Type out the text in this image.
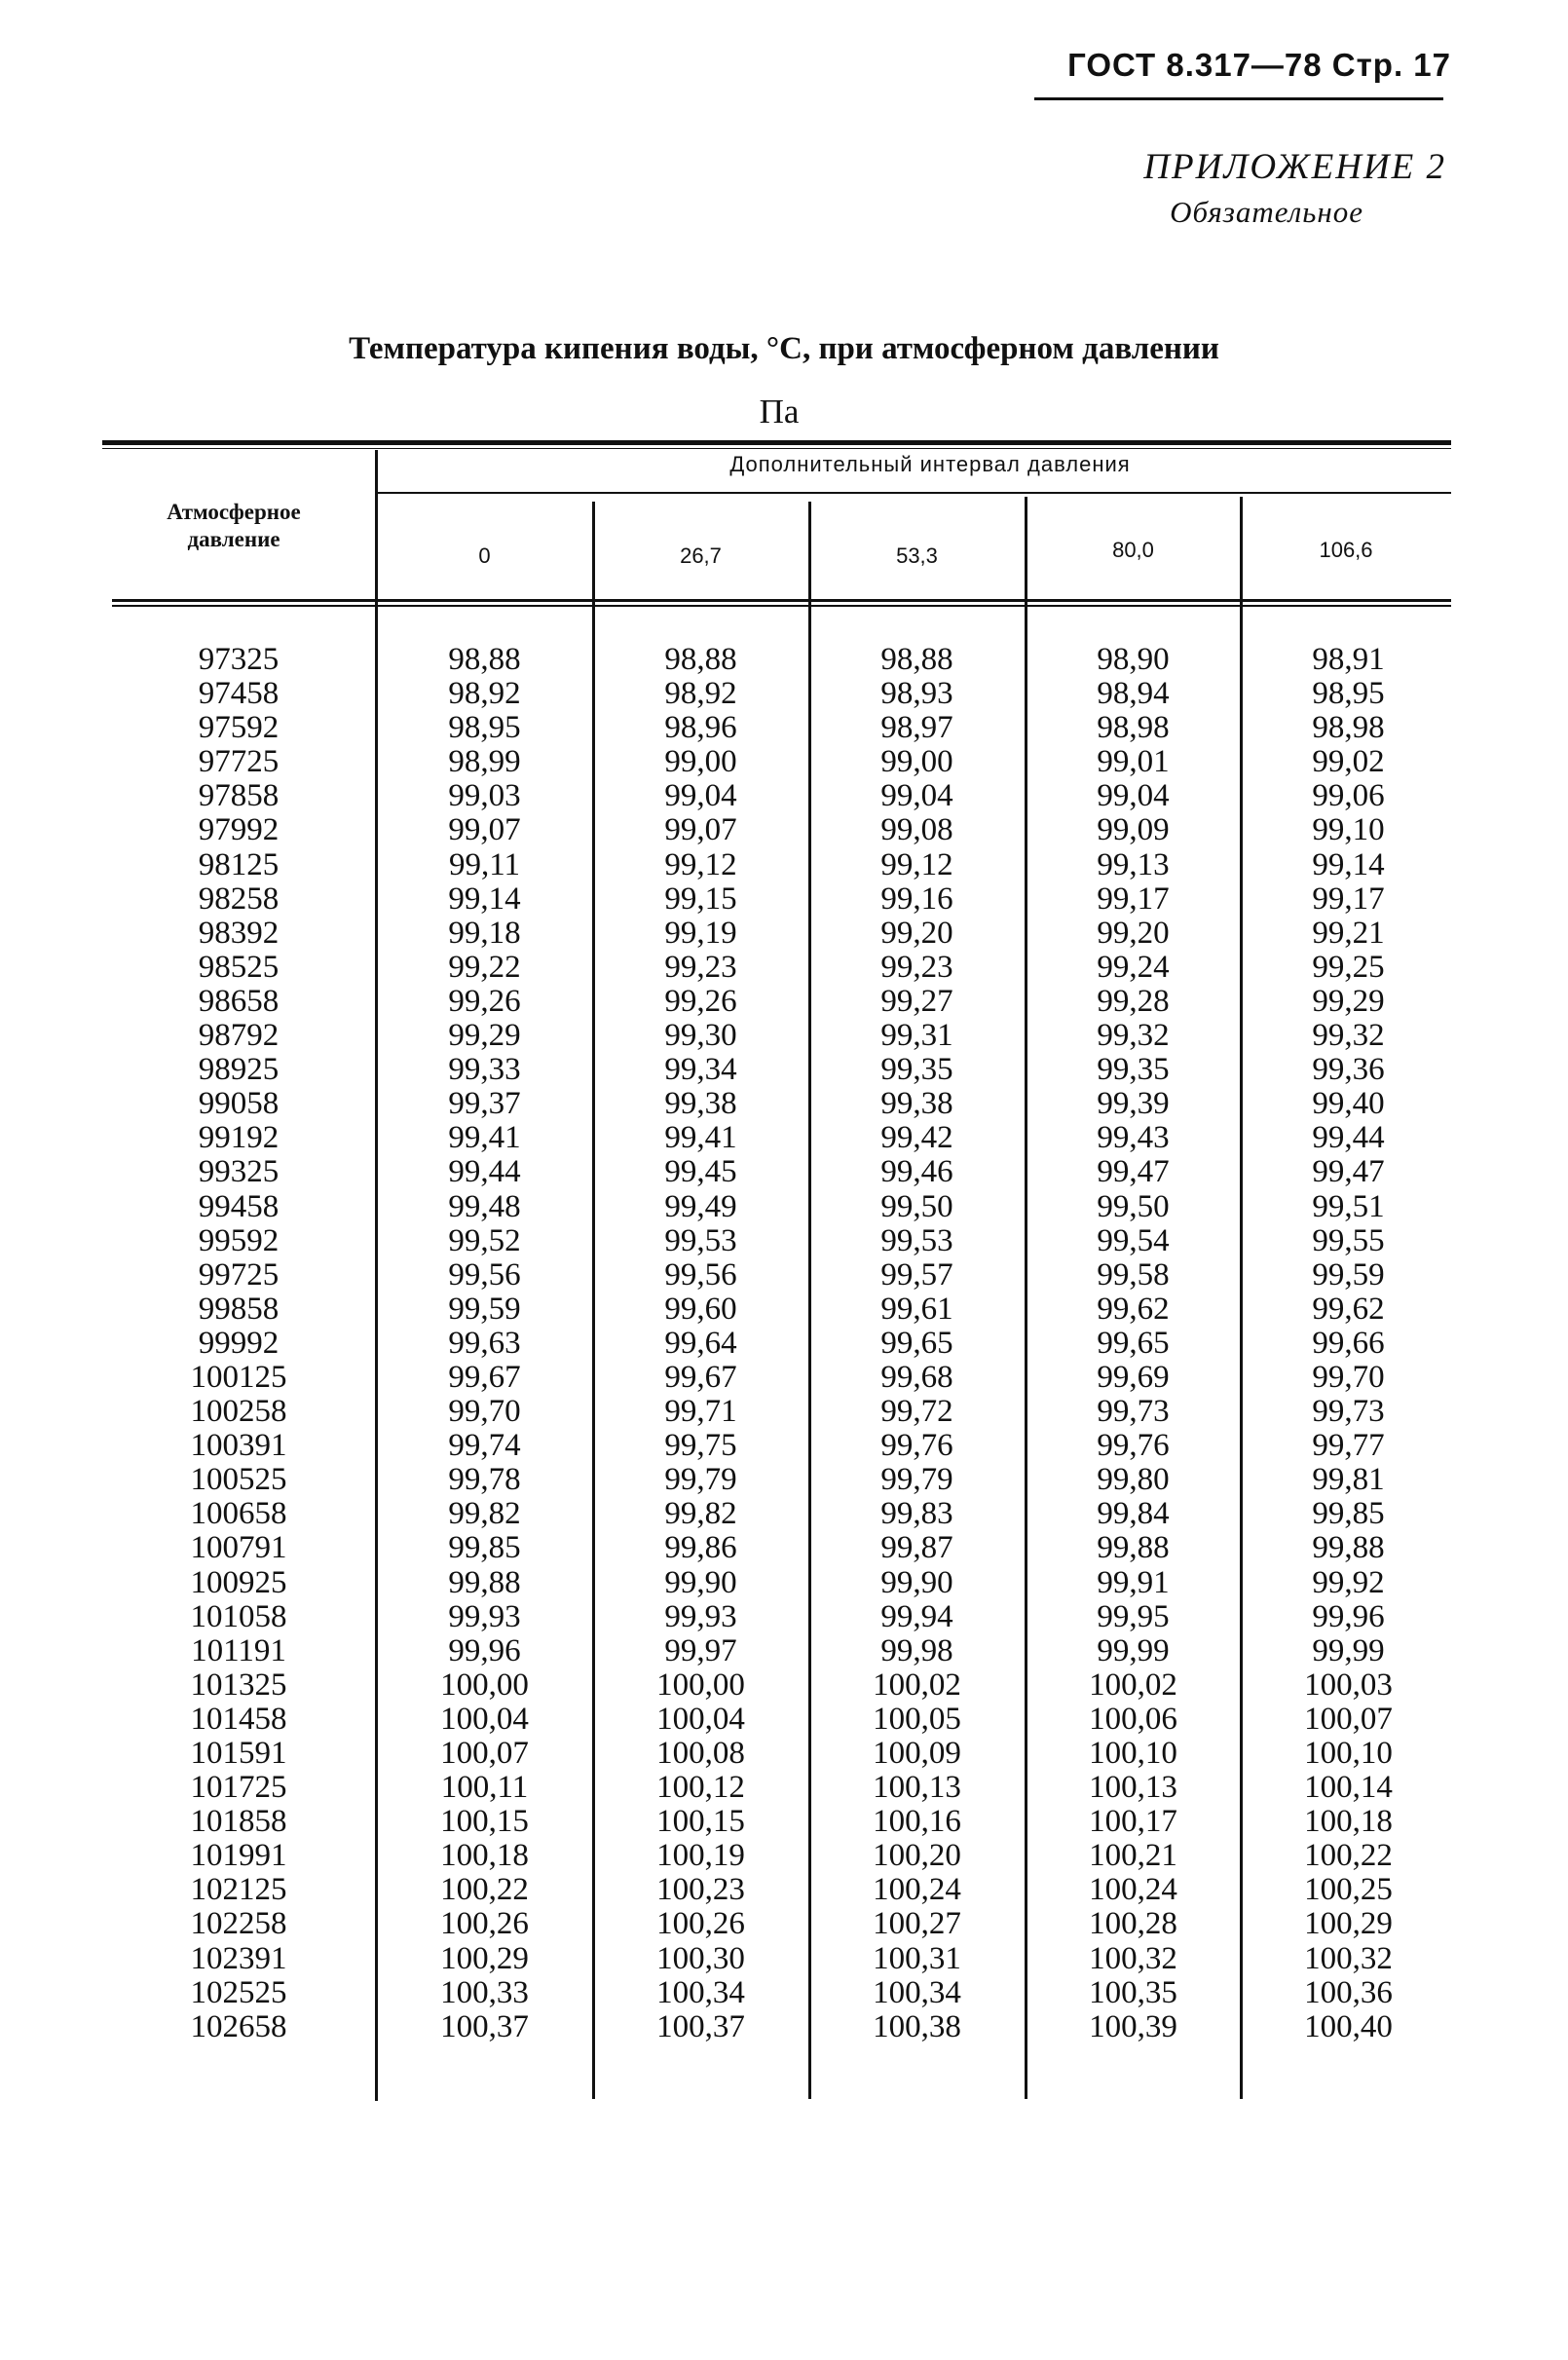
ГОСТ 8.317—78 Стр. 17
ПРИЛОЖЕНИЕ 2
Обязательное
Температура кипения воды, °С, при атмосферном давлении
Па
Атмосферное
давление
Дополнительный интервал давления
0	26,7	53,3	80,0	106,6
97325	98,88	98,88	98,88	98,90	98,91
97458	98,92	98,92	98,93	98,94	98,95
97592	98,95	98,96	98,97	98,98	98,98
97725	98,99	99,00	99,00	99,01	99,02
97858	99,03	99,04	99,04	99,04	99,06
97992	99,07	99,07	99,08	99,09	99,10
98125	99,11	99,12	99,12	99,13	99,14
98258	99,14	99,15	99,16	99,17	99,17
98392	99,18	99,19	99,20	99,20	99,21
98525	99,22	99,23	99,23	99,24	99,25
98658	99,26	99,26	99,27	99,28	99,29
98792	99,29	99,30	99,31	99,32	99,32
98925	99,33	99,34	99,35	99,35	99,36
99058	99,37	99,38	99,38	99,39	99,40
99192	99,41	99,41	99,42	99,43	99,44
99325	99,44	99,45	99,46	99,47	99,47
99458	99,48	99,49	99,50	99,50	99,51
99592	99,52	99,53	99,53	99,54	99,55
99725	99,56	99,56	99,57	99,58	99,59
99858	99,59	99,60	99,61	99,62	99,62
99992	99,63	99,64	99,65	99,65	99,66
100125	99,67	99,67	99,68	99,69	99,70
100258	99,70	99,71	99,72	99,73	99,73
100391	99,74	99,75	99,76	99,76	99,77
100525	99,78	99,79	99,79	99,80	99,81
100658	99,82	99,82	99,83	99,84	99,85
100791	99,85	99,86	99,87	99,88	99,88
100925	99,88	99,90	99,90	99,91	99,92
101058	99,93	99,93	99,94	99,95	99,96
101191	99,96	99,97	99,98	99,99	99,99
101325	100,00	100,00	100,02	100,02	100,03
101458	100,04	100,04	100,05	100,06	100,07
101591	100,07	100,08	100,09	100,10	100,10
101725	100,11	100,12	100,13	100,13	100,14
101858	100,15	100,15	100,16	100,17	100,18
101991	100,18	100,19	100,20	100,21	100,22
102125	100,22	100,23	100,24	100,24	100,25
102258	100,26	100,26	100,27	100,28	100,29
102391	100,29	100,30	100,31	100,32	100,32
102525	100,33	100,34	100,34	100,35	100,36
102658	100,37	100,37	100,38	100,39	100,40
